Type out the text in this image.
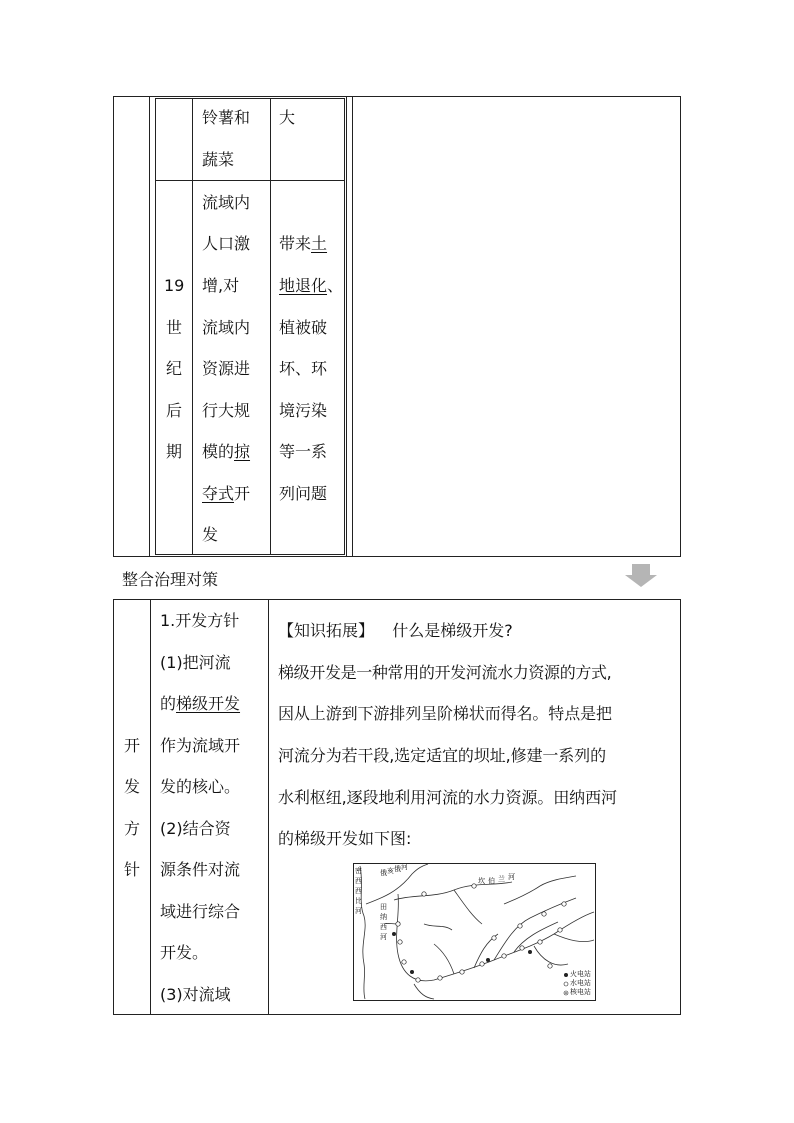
铃薯和
蔬菜
大
19
世
纪
后
期
流域内
人口激
增,对
流域内
资源进
行大规
模的掠
夺式开
发
带来土
地退化、
植被破
坏、环
境污染
等一系
列问题
整合治理对策
开
发
方
针
1.开发方针
(1)把河流
的梯级开发
作为流域开
发的核心。
(2)结合资
源条件对流
域进行综合
开发。
(3)对流域
【知识拓展】 什么是梯级开发?
梯级开发是一种常用的开发河流水力资源的方式,
因从上游到下游排列呈阶梯状而得名。特点是把
河流分为若干段,选定适宜的坝址,修建一系列的
水利枢纽,逐段地利用河流的水力资源。田纳西河
的梯级开发如下图:
密
西
西
比
河
俄 亥 俄 河
坎 伯 兰 河
田
纳
西
河
火电站
水电站
核电站
